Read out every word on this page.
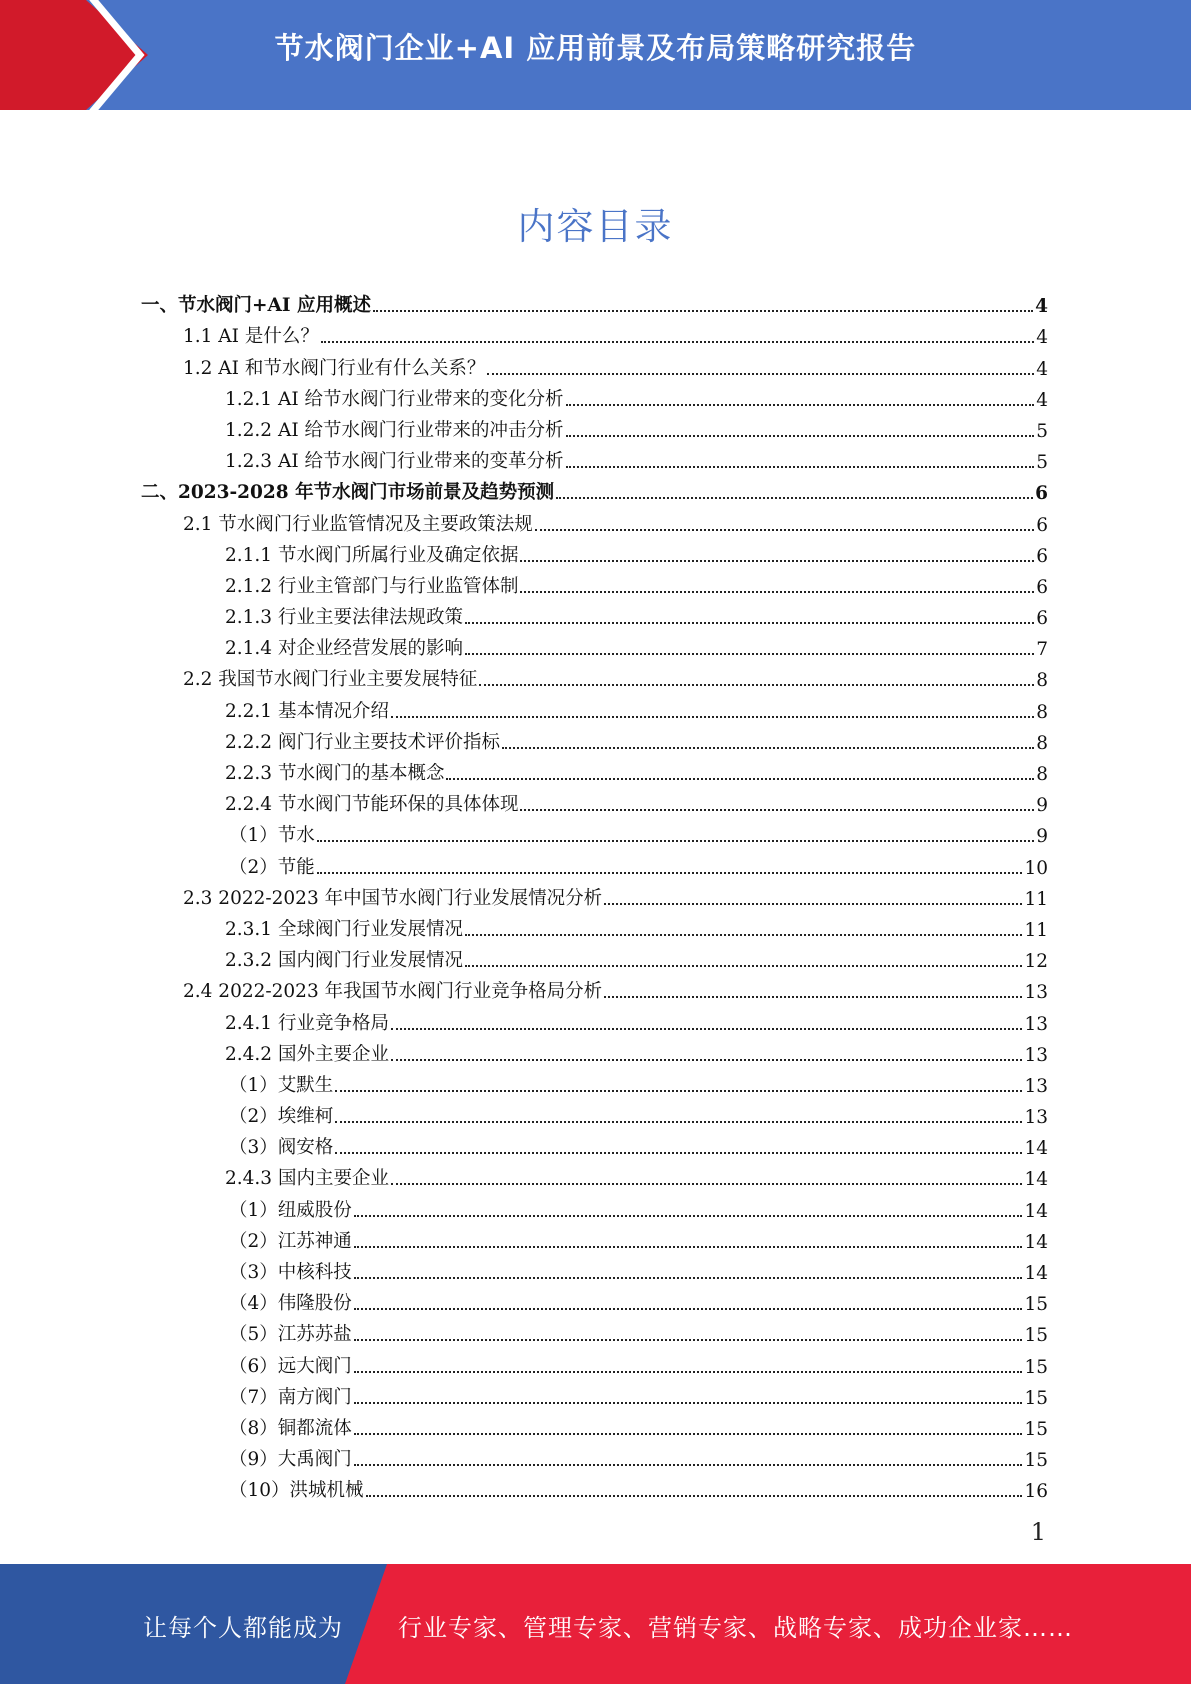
节水阀门企业+AI 应用前景及布局策略研究报告
内容目录
一、节水阀门+AI 应用概述	4
1.1 AI 是什么？	4
1.2 AI 和节水阀门行业有什么关系？	4
1.2.1 AI 给节水阀门行业带来的变化分析	4
1.2.2 AI 给节水阀门行业带来的冲击分析	5
1.2.3 AI 给节水阀门行业带来的变革分析	5
二、2023-2028 年节水阀门市场前景及趋势预测	6
2.1 节水阀门行业监管情况及主要政策法规	6
2.1.1 节水阀门所属行业及确定依据	6
2.1.2 行业主管部门与行业监管体制	6
2.1.3 行业主要法律法规政策	6
2.1.4 对企业经营发展的影响	7
2.2 我国节水阀门行业主要发展特征	8
2.2.1 基本情况介绍	8
2.2.2 阀门行业主要技术评价指标	8
2.2.3 节水阀门的基本概念	8
2.2.4 节水阀门节能环保的具体体现	9
（1）节水	9
（2）节能	10
2.3 2022-2023 年中国节水阀门行业发展情况分析	11
2.3.1 全球阀门行业发展情况	11
2.3.2 国内阀门行业发展情况	12
2.4 2022-2023 年我国节水阀门行业竞争格局分析	13
2.4.1 行业竞争格局	13
2.4.2 国外主要企业	13
（1）艾默生	13
（2）埃维柯	13
（3）阀安格	14
2.4.3 国内主要企业	14
（1）纽威股份	14
（2）江苏神通	14
（3）中核科技	14
（4）伟隆股份	15
（5）江苏苏盐	15
（6）远大阀门	15
（7）南方阀门	15
（8）铜都流体	15
（9）大禹阀门	15
（10）洪城机械	16
1
让每个人都能成为 行业专家、管理专家、营销专家、战略专家、成功企业家……
